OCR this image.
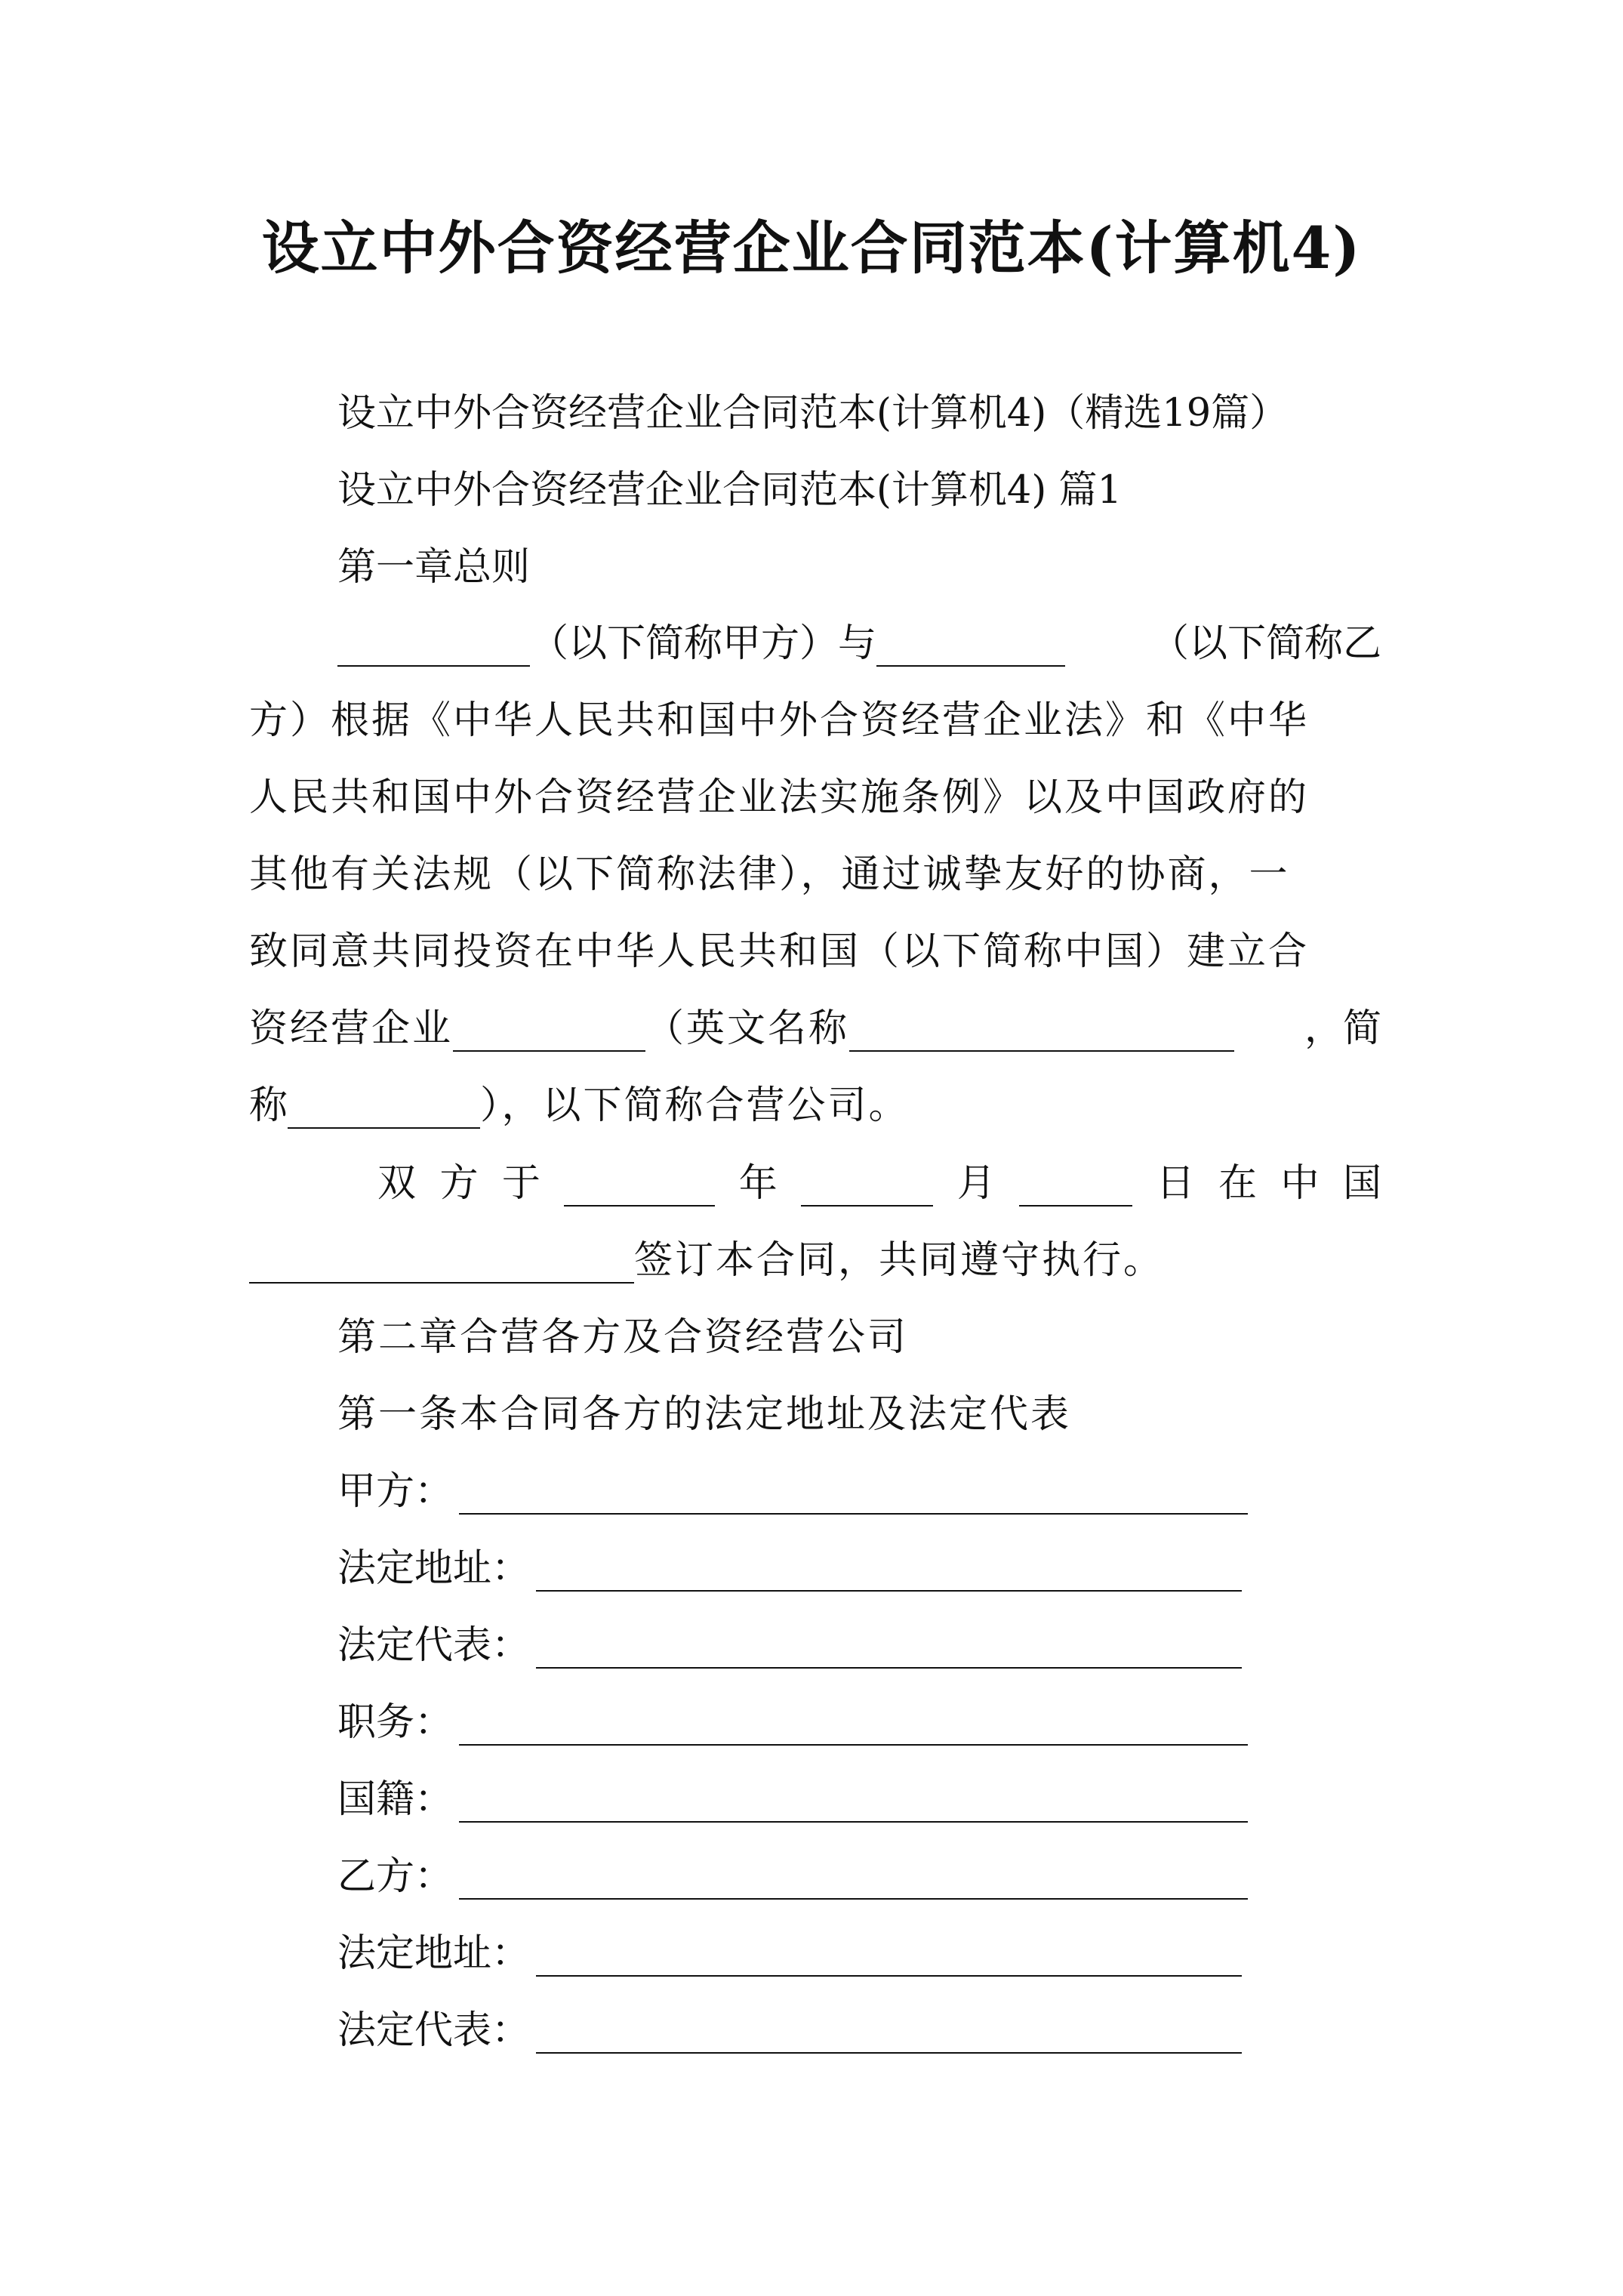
设立中外合资经营企业合同范本(计算机4)
设立中外合资经营企业合同范本(计算机4)（精选19篇）
设立中外合资经营企业合同范本(计算机4) 篇1
第一章总则
（以下简称甲方）与	（以下简称乙
方）根据《中华人民共和国中外合资经营企业法》和《中华
人民共和国中外合资经营企业法实施条例》以及中国政府的
其他有关法规（以下简称法律），通过诚挚友好的协商，一
致同意共同投资在中华人民共和国（以下简称中国）建立合
资经营企业	（英文名称	，简
称	），以下简称合营公司。
双 方 于	年	月	日 在 中 国
签订本合同，共同遵守执行。
第二章合营各方及合资经营公司
第一条本合同各方的法定地址及法定代表
甲方：
法定地址：
法定代表：
职务：
国籍：
乙方：
法定地址：
法定代表：
